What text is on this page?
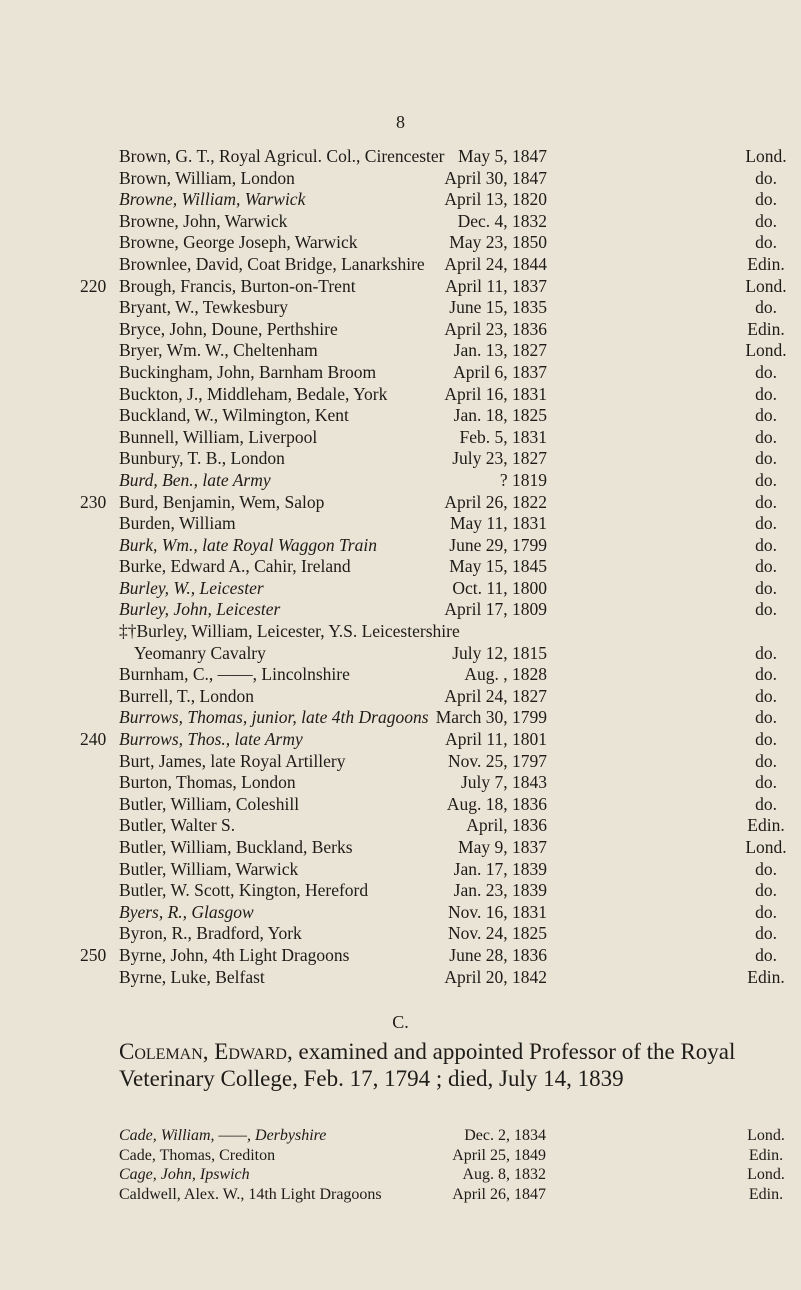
8
Brown, G. T., Royal Agricul. Col., Cirencester May 5, 1847	Lond.
Brown, William, London	April 30, 1847	do.
Browne, William, Warwick	April 13, 1820	do.
Browne, John, Warwick	Dec. 4, 1832	do.
Browne, George Joseph, Warwick	May 23, 1850	do.
Brownlee, David, Coat Bridge, Lanarkshire April 24, 1844	Edin.
220 Brough, Francis, Burton-on-Trent	April 11, 1837	Lond.
Bryant, W., Tewkesbury	June 15, 1835	do.
Bryce, John, Doune, Perthshire	April 23, 1836	Edin.
Bryer, Wm. W., Cheltenham	Jan. 13, 1827	Lond.
Buckingham, John, Barnham Broom	April 6, 1837	do.
Buckton, J., Middleham, Bedale, York	April 16, 1831	do.
Buckland, W., Wilmington, Kent	Jan. 18, 1825	do.
Bunnell, William, Liverpool	Feb. 5, 1831	do.
Bunbury, T. B., London	July 23, 1827	do.
Burd, Ben., late Army	? 1819	do.
230 Burd, Benjamin, Wem, Salop	April 26, 1822	do.
Burden, William	May 11, 1831	do.
Burk, Wm., late Royal Waggon Train	June 29, 1799	do.
Burke, Edward A., Cahir, Ireland	May 15, 1845	do.
Burley, W., Leicester	Oct. 11, 1800	do.
Burley, John, Leicester	April 17, 1809	do.
‡†Burley, William, Leicester, Y.S. Leicestershire
Yeomanry Cavalry	July 12, 1815	do.
Burnham, C., ——, Lincolnshire	Aug. , 1828	do.
Burrell, T., London	April 24, 1827	do.
Burrows, Thomas, junior, late 4th Dragoons March 30, 1799	do.
240 Burrows, Thos., late Army	April 11, 1801	do.
Burt, James, late Royal Artillery	Nov. 25, 1797	do.
Burton, Thomas, London	July 7, 1843	do.
Butler, William, Coleshill	Aug. 18, 1836	do.
Butler, Walter S.	April, 1836	Edin.
Butler, William, Buckland, Berks	May 9, 1837	Lond.
Butler, William, Warwick	Jan. 17, 1839	do.
Butler, W. Scott, Kington, Hereford	Jan. 23, 1839	do.
Byers, R., Glasgow	Nov. 16, 1831	do.
Byron, R., Bradford, York	Nov. 24, 1825	do.
250 Byrne, John, 4th Light Dragoons	June 28, 1836	do.
Byrne, Luke, Belfast	April 20, 1842	Edin.
C.
Coleman, Edward, examined and appointed Professor of the Royal Veterinary College, Feb. 17, 1794 ; died, July 14, 1839
Cade, William, ——, Derbyshire	Dec. 2, 1834	Lond.
Cade, Thomas, Crediton	April 25, 1849	Edin.
Cage, John, Ipswich	Aug. 8, 1832	Lond.
Caldwell, Alex. W., 14th Light Dragoons	April 26, 1847	Edin.
